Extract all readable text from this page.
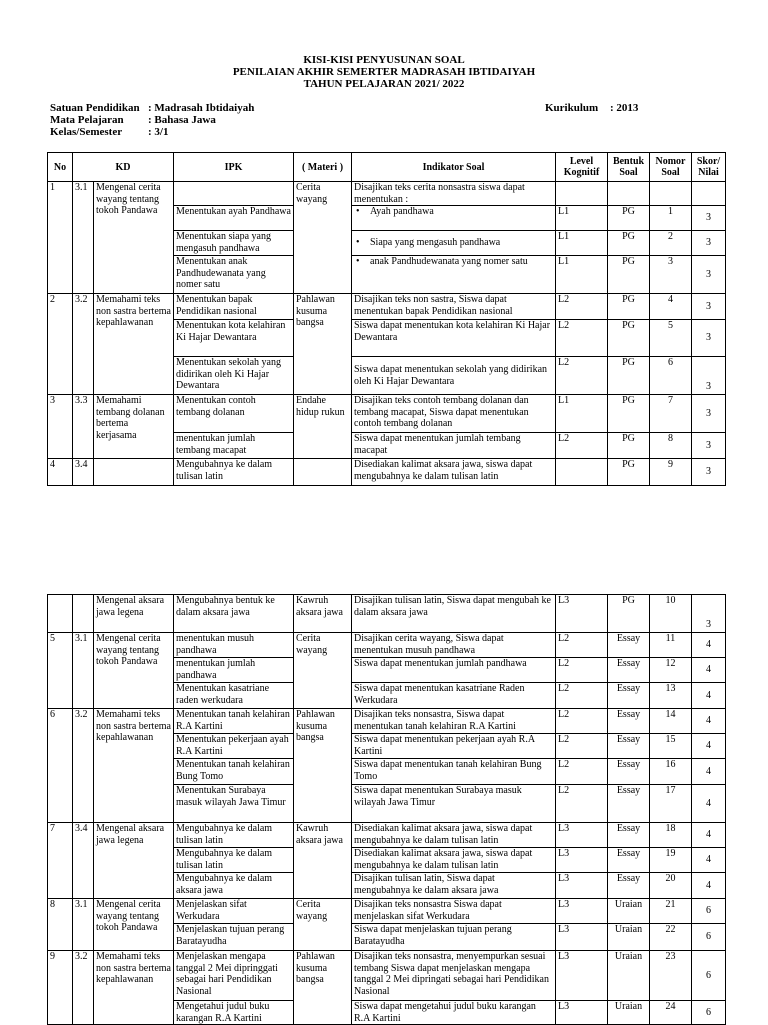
KISI-KISI PENYUSUNAN SOAL
PENILAIAN AKHIR SEMERTER MADRASAH IBTIDAIYAH
TAHUN PELAJARAN 2021/ 2022
Satuan Pendidikan : Madrasah Ibtidaiyah
Mata Pelajaran : Bahasa Jawa
Kelas/Semester : 3/1
Kurikulum : 2013
No	KD		IPK	( Materi )	Indikator Soal	Level Kognitif	Bentuk Soal	Nomor Soal	Skor/ Nilai
1	3.1	Mengenal cerita wayang tentang tokoh Pandawa		Cerita wayang	Disajikan teks cerita nonsastra siswa dapat menentukan :				
			Menentukan ayah Pandhawa	•Ayah pandhawa	L1	PG	1	3
			Menentukan siapa yang mengasuh pandhawa	•Siapa yang mengasuh pandhawa	L1	PG	2	3
			Menentukan anak Pandhudewanata yang nomer satu	• anak Pandhudewanata yang nomer satu	L1	PG	3	3
2	3.2	Memahami teks non sastra bertema kepahlawanan	Menentukan bapak Pendidikan nasional	Pahlawan kusuma bangsa	Disajikan teks non sastra, Siswa dapat menentukan bapak Pendidikan nasional	L2	PG	4	3
			Menentukan kota kelahiran Ki Hajar Dewantara		Siswa dapat menentukan kota kelahiran Ki Hajar Dewantara	L2	PG	5	3
			Menentukan sekolah yang didirikan oleh Ki Hajar Dewantara		Siswa dapat menentukan sekolah yang didirikan oleh Ki Hajar Dewantara	L2	PG	6	3
3	3.3	Memahami tembang dolanan bertema kerjasama	Menentukan contoh tembang dolanan	Endahe hidup rukun	Disajikan teks contoh tembang dolanan dan tembang macapat, Siswa dapat menentukan contoh tembang dolanan	L1	PG	7	3
			menentukan jumlah tembang macapat		Siswa dapat menentukan jumlah tembang macapat	L2	PG	8	3
4	3.4		Mengubahnya ke dalam tulisan latin		Disediakan kalimat aksara jawa, siswa dapat mengubahnya ke dalam tulisan latin		PG	9	3
		Mengenal aksara jawa legena	Mengubahnya bentuk ke dalam aksara jawa	Kawruh aksara jawa	Disajikan tulisan latin, Siswa dapat mengubah ke dalam aksara jawa	L3	PG	10	3
5	3.1	Mengenal cerita wayang tentang tokoh Pandawa	menentukan musuh pandhawa	Cerita wayang	Disajikan cerita wayang, Siswa dapat menentukan musuh pandhawa	L2	Essay	11	4
			menentukan jumlah pandhawa		Siswa dapat menentukan jumlah pandhawa	L2	Essay	12	4
			Menentukan kasatriane raden werkudara		Siswa dapat menentukan kasatriane Raden Werkudara	L2	Essay	13	4
6	3.2	Memahami teks non sastra bertema kepahlawanan	Menentukan tanah kelahiran R.A Kartini	Pahlawan kusuma bangsa	Disajikan teks nonsastra, Siswa dapat menentukan tanah kelahiran R.A Kartini	L2	Essay	14	4
			Menentukan pekerjaan ayah R.A Kartini		Siswa dapat menentukan pekerjaan ayah R.A Kartini	L2	Essay	15	4
			Menentukan tanah kelahiran Bung Tomo		Siswa dapat menentukan tanah kelahiran Bung Tomo	L2	Essay	16	4
			Menentukan Surabaya masuk wilayah Jawa Timur		Siswa dapat menentukan Surabaya masuk wilayah Jawa Timur	L2	Essay	17	4
7	3.4	Mengenal aksara jawa legena	Mengubahnya ke dalam tulisan latin	Kawruh aksara jawa	Disediakan kalimat aksara jawa, siswa dapat mengubahnya ke dalam tulisan latin	L3	Essay	18	4
			Mengubahnya ke dalam tulisan latin		Disediakan kalimat aksara jawa, siswa dapat mengubahnya ke dalam tulisan latin	L3	Essay	19	4
			Mengubahnya ke dalam aksara jawa		Disajikan tulisan latin, Siswa dapat mengubahnya ke dalam aksara jawa	L3	Essay	20	4
8	3.1	Mengenal cerita wayang tentang tokoh Pandawa	Menjelaskan sifat Werkudara	Cerita wayang	Disajikan teks nonsastra Siswa dapat menjelaskan sifat Werkudara	L3	Uraian	21	6
			Menjelaskan tujuan perang Baratayudha		Siswa dapat menjelaskan tujuan perang Baratayudha	L3	Uraian	22	6
9	3.2	Memahami teks non sastra bertema kepahlawanan	Menjelaskan mengapa tanggal 2 Mei dipringgati sebagai hari Pendidikan Nasional	Pahlawan kusuma bangsa	Disajikan teks nonsastra, menyempurkan sesuai tembang Siswa dapat menjelaskan mengapa tanggal 2 Mei dipringati sebagai hari Pendidikan Nasional	L3	Uraian	23	6
			Mengetahui judul buku karangan R.A Kartini		Siswa dapat mengetahui judul buku karangan R.A Kartini	L3	Uraian	24	6
